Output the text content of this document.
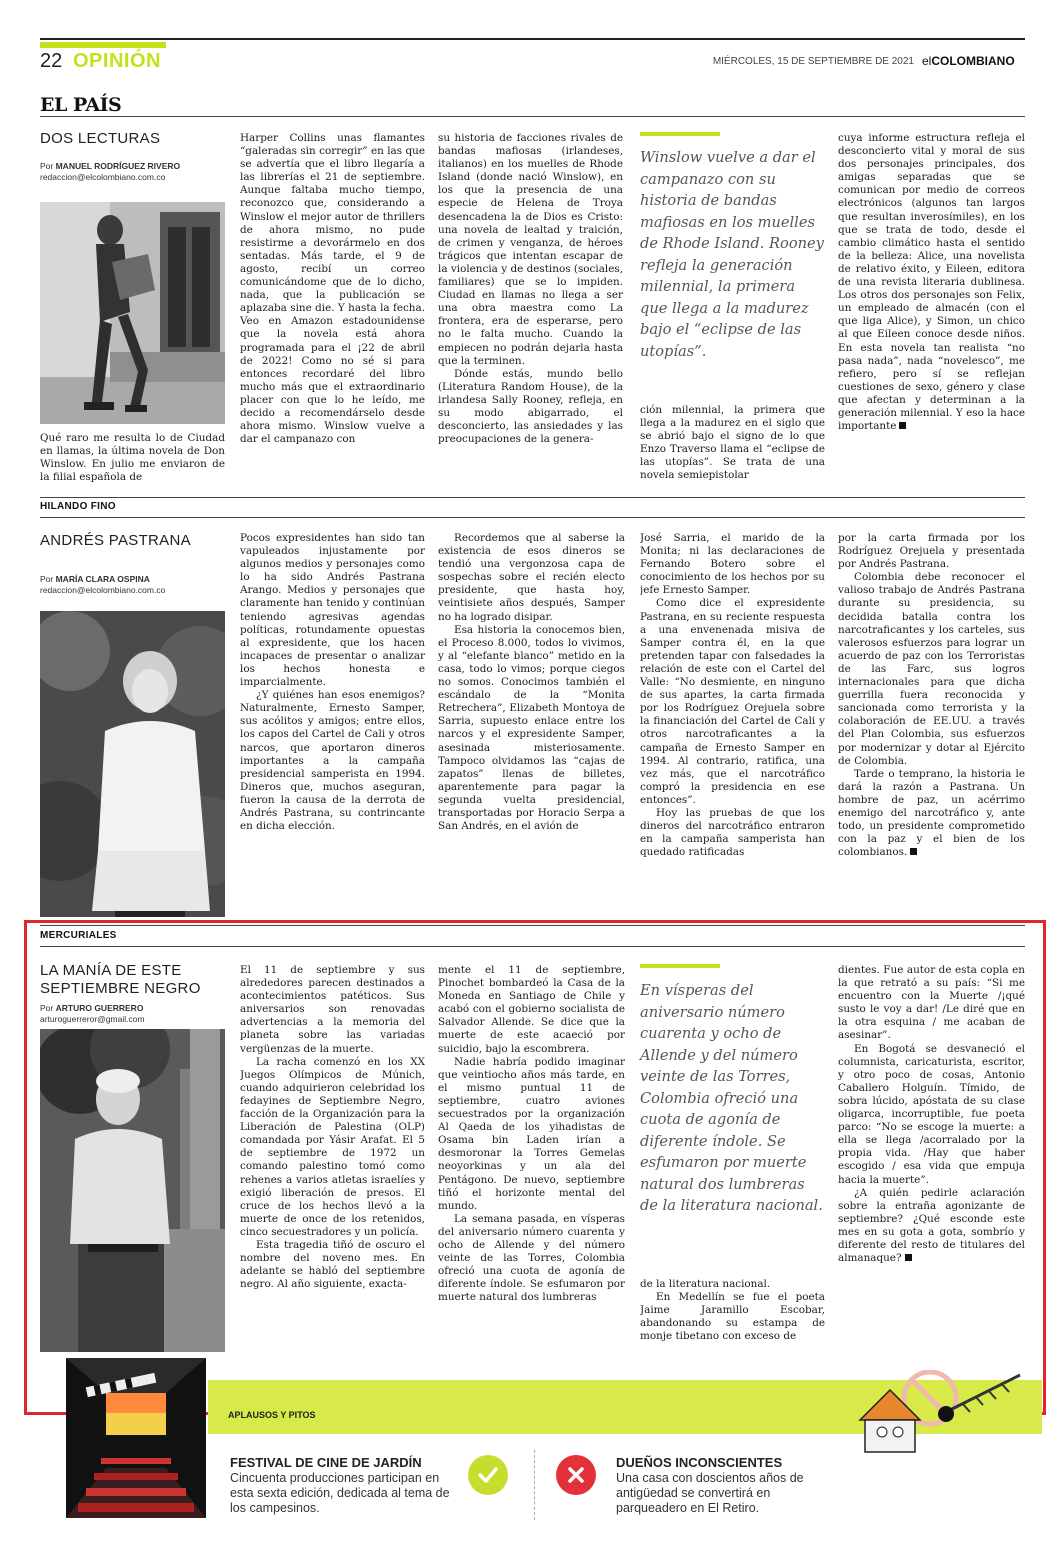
22 OPINIÓN	MIÉRCOLES, 15 DE SEPTIEMBRE DE 2021 elCOLOMBIANO
EL PAÍS
DOS LECTURAS
Por MANUEL RODRÍGUEZ RIVERO
redaccion@elcolombiano.com.co

Qué raro me resulta lo de Ciudad en llamas, la última novela de Don Winslow. En julio me enviaron de la filial española de

Harper Collins unas flamantes “galeradas sin corregir” en las que se advertía que el libro llegaría a las librerías el 21 de septiembre. Aunque faltaba mucho tiempo, reconozco que, considerando a Winslow el mejor autor de thrillers de ahora mismo, no pude resistirme a devorármelo en dos sentadas. Más tarde, el 9 de agosto, recibí un correo comunicándome que de lo dicho, nada, que la publicación se aplazaba sine die. Y hasta la fecha. Veo en Amazon estadounidense que la novela está ahora programada para el ¡22 de abril de 2022! Como no sé si para entonces recordaré del libro mucho más que el extraordinario placer con que lo he leído, me decido a recomendárselo desde ahora mismo. Winslow vuelve a dar el campanazo con

su historia de facciones rivales de bandas mafiosas (irlandeses, italianos) en los muelles de Rhode Island (donde nació Winslow), en los que la presencia de una especie de Helena de Troya desencadena la de Dios es Cristo: una novela de lealtad y traición, de crimen y venganza, de héroes trágicos que intentan escapar de la violencia y de destinos (sociales, familiares) que se lo impiden. Ciudad en llamas no llega a ser una obra maestra como La frontera, era de esperarse, pero no le falta mucho. Cuando la empiecen no podrán dejarla hasta que la terminen.

Dónde estás, mundo bello (Literatura Random House), de la irlandesa Sally Rooney, refleja, en su modo abigarrado, el desconcierto, las ansiedades y las preocupaciones de la genera-

Winslow vuelve a dar el campanazo con su historia de bandas mafiosas en los muelles de Rhode Island. Rooney refleja la generación milennial, la primera que llega a la madurez bajo el “eclipse de las utopías”.

ción milennial, la primera que llega a la madurez en el siglo que se abrió bajo el signo de lo que Enzo Traverso llama el “eclipse de las utopías”. Se trata de una novela semiepistolar

cuya informe estructura refleja el desconcierto vital y moral de sus dos personajes principales, dos amigas separadas que se comunican por medio de correos electrónicos (algunos tan largos que resultan inverosímiles), en los que se trata de todo, desde el cambio climático hasta el sentido de la belleza: Alice, una novelista de relativo éxito, y Eileen, editora de una revista literaria dublinesa. Los otros dos personajes son Felix, un empleado de almacén (con el que liga Alice), y Simon, un chico al que Eileen conoce desde niños. En esta novela tan realista “no pasa nada”, nada “novelesco”, me refiero, pero sí se reflejan cuestiones de sexo, género y clase que afectan y determinan a la generación milennial. Y eso la hace importante

HILANDO FINO
ANDRÉS PASTRANA
Por MARÍA CLARA OSPINA
redaccion@elcolombiano.com.co

Pocos expresidentes han sido tan vapuleados injustamente por algunos medios y personajes como lo ha sido Andrés Pastrana Arango. Medios y personajes que claramente han tenido y continúan teniendo agresivas agendas políticas, rotundamente opuestas al expresidente, que los hacen incapaces de presentar o analizar los hechos honesta e imparcialmente.

¿Y quiénes han esos enemigos? Naturalmente, Ernesto Samper, sus acólitos y amigos; entre ellos, los capos del Cartel de Cali y otros narcos, que aportaron dineros importantes a la campaña presidencial samperista en 1994. Dineros que, muchos aseguran, fueron la causa de la derrota de Andrés Pastrana, su contrincante en dicha elección.

Recordemos que al saberse la existencia de esos dineros se tendió una vergonzosa capa de sospechas sobre el recién electo presidente, que hasta hoy, veintisiete años después, Samper no ha logrado disipar.

Esa historia la conocemos bien, el Proceso 8.000, todos lo vivimos, y al “elefante blanco” metido en la casa, todo lo vimos; porque ciegos no somos. Conocimos también el escándalo de la “Monita Retrechera”, Elizabeth Montoya de Sarria, supuesto enlace entre los narcos y el expresidente Samper, asesinada misteriosamente. Tampoco olvidamos las “cajas de zapatos” llenas de billetes, aparentemente para pagar la segunda vuelta presidencial, transportadas por Horacio Serpa a San Andrés, en el avión de

José Sarria, el marido de la Monita; ni las declaraciones de Fernando Botero sobre el conocimiento de los hechos por su jefe Ernesto Samper.

Como dice el expresidente Pastrana, en su reciente respuesta a una envenenada misiva de Samper contra él, en la que pretenden tapar con falsedades la relación de este con el Cartel del Valle: “No desmiente, en ninguno de sus apartes, la carta firmada por los Rodríguez Orejuela sobre la financiación del Cartel de Cali y otros narcotraficantes a la campaña de Ernesto Samper en 1994. Al contrario, ratifica, una vez más, que el narcotráfico compró la presidencia en ese entonces”.

Hoy las pruebas de que los dineros del narcotráfico entraron en la campaña samperista han quedado ratificadas

por la carta firmada por los Rodríguez Orejuela y presentada por Andrés Pastrana.

Colombia debe reconocer el valioso trabajo de Andrés Pastrana durante su presidencia, su decidida batalla contra los narcotraficantes y los carteles, sus valerosos esfuerzos para lograr un acuerdo de paz con los Terroristas de las Farc, sus logros internacionales para que dicha guerrilla fuera reconocida y sancionada como terrorista y la colaboración de EE.UU. a través del Plan Colombia, sus esfuerzos por modernizar y dotar al Ejército de Colombia.

Tarde o temprano, la historia le dará la razón a Pastrana. Un hombre de paz, un acérrimo enemigo del narcotráfico y, ante todo, un presidente comprometido con la paz y el bien de los colombianos.

MERCURIALES
LA MANÍA DE ESTE SEPTIEMBRE NEGRO
Por ARTURO GUERRERO
arturoguerreror@gmail.com

El 11 de septiembre y sus alrededores parecen destinados a acontecimientos patéticos. Sus aniversarios son renovadas advertencias a la memoria del planeta sobre las variadas vergüenzas de la muerte.

La racha comenzó en los XX Juegos Olímpicos de Múnich, cuando adquirieron celebridad los fedayines de Septiembre Negro, facción de la Organización para la Liberación de Palestina (OLP) comandada por Yásir Arafat. El 5 de septiembre de 1972 un comando palestino tomó como rehenes a varios atletas israelíes y exigió liberación de presos. El cruce de los hechos llevó a la muerte de once de los retenidos, cinco secuestradores y un policía.

Esta tragedia tiñó de oscuro el nombre del noveno mes. En adelante se habló del septiembre negro. Al año siguiente, exacta-

mente el 11 de septiembre, Pinochet bombardeó la Casa de la Moneda en Santiago de Chile y acabó con el gobierno socialista de Salvador Allende. Se dice que la muerte de este acaeció por suicidio, bajo la escombrera.

Nadie habría podido imaginar que veintiocho años más tarde, en el mismo puntual 11 de septiembre, cuatro aviones secuestrados por la organización Al Qaeda de los yihadistas de Osama bin Laden irían a desmoronar la Torres Gemelas neoyorkinas y un ala del Pentágono. De nuevo, septiembre tiñó el horizonte mental del mundo.

La semana pasada, en vísperas del aniversario número cuarenta y ocho de Allende y del número veinte de las Torres, Colombia ofreció una cuota de agonía de diferente índole. Se esfumaron por muerte natural dos lumbreras

En vísperas del aniversario número cuarenta y ocho de Allende y del número veinte de las Torres, Colombia ofreció una cuota de agonía de diferente índole. Se esfumaron por muerte natural dos lumbreras de la literatura nacional.

de la literatura nacional.

En Medellín se fue el poeta Jaime Jaramillo Escobar, abandonando su estampa de monje tibetano con exceso de

dientes. Fue autor de esta copla en la que retrató a su país: “Si me encuentro con la Muerte /¡qué susto le voy a dar! /Le diré que en la otra esquina / me acaban de asesinar”.

En Bogotá se desvaneció el columnista, caricaturista, escritor, y otro poco de cosas, Antonio Caballero Holguín. Tímido, de sobra lúcido, apóstata de su clase oligarca, incorruptible, fue poeta parco: “No se escoge la muerte: a ella se llega /acorralado por la propia vida. /Hay que haber escogido / esa vida que empuja hacia la muerte”.

¿A quién pedirle aclaración sobre la entraña agonizante de septiembre? ¿Qué esconde este mes en su gota a gota, sombrío y diferente del resto de titulares del almanaque?

APLAUSOS Y PITOS
FESTIVAL DE CINE DE JARDÍN
Cincuenta producciones participan en esta sexta edición, dedicada al tema de los campesinos.
DUEÑOS INCONSCIENTES
Una casa con doscientos años de antigüedad se convertirá en parqueadero en El Retiro.
